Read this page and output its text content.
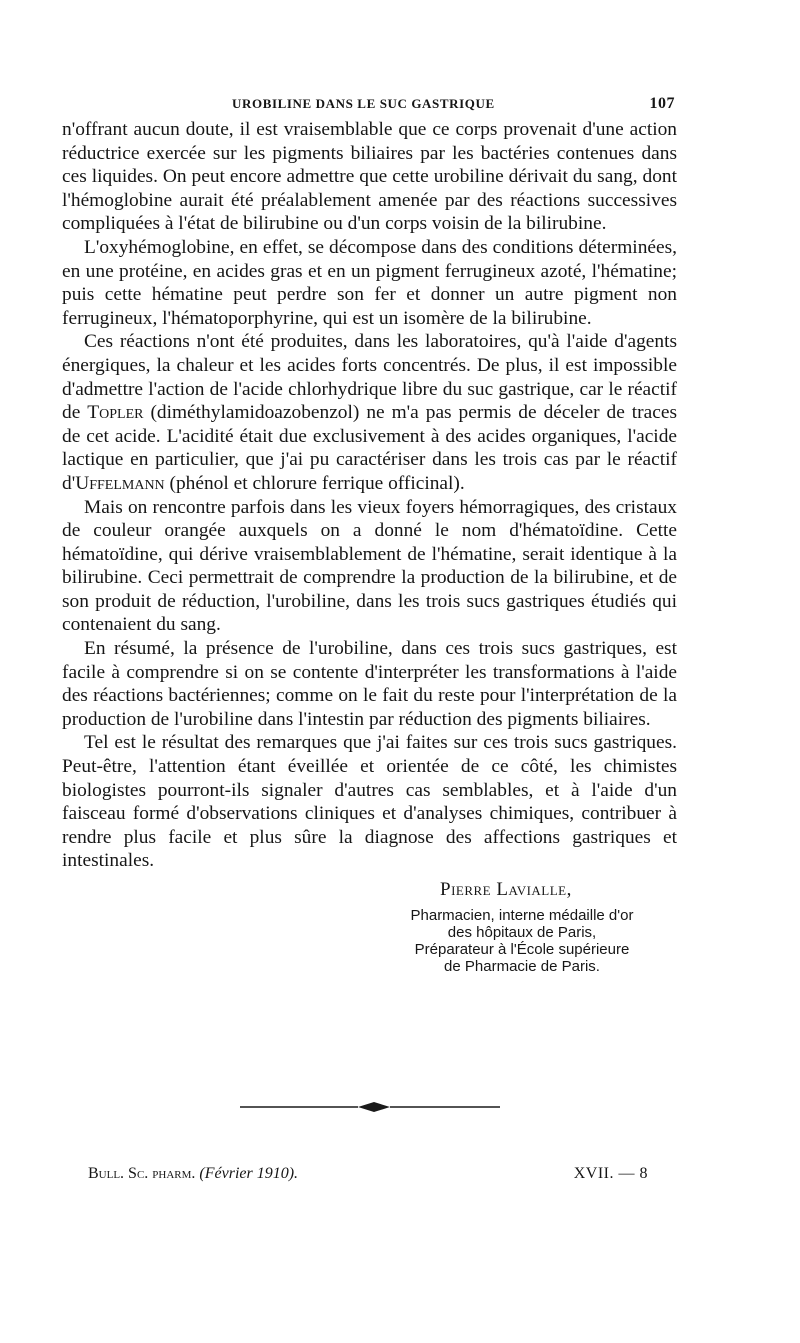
UROBILINE DANS LE SUC GASTRIQUE	107

n'offrant aucun doute, il est vraisemblable que ce corps provenait d'une action réductrice exercée sur les pigments biliaires par les bactéries contenues dans ces liquides. On peut encore admettre que cette urobiline dérivait du sang, dont l'hémoglobine aurait été préalablement amenée par des réactions successives compliquées à l'état de bilirubine ou d'un corps voisin de la bilirubine.

L'oxyhémoglobine, en effet, se décompose dans des conditions déterminées, en une protéine, en acides gras et en un pigment ferrugineux azoté, l'hématine; puis cette hématine peut perdre son fer et donner un autre pigment non ferrugineux, l'hématoporphyrine, qui est un isomère de la bilirubine.

Ces réactions n'ont été produites, dans les laboratoires, qu'à l'aide d'agents énergiques, la chaleur et les acides forts concentrés. De plus, il est impossible d'admettre l'action de l'acide chlorhydrique libre du suc gastrique, car le réactif de Topler (diméthylamidoazobenzol) ne m'a pas permis de déceler de traces de cet acide. L'acidité était due exclusivement à des acides organiques, l'acide lactique en particulier, que j'ai pu caractériser dans les trois cas par le réactif d'Uffelmann (phénol et chlorure ferrique officinal).

Mais on rencontre parfois dans les vieux foyers hémorragiques, des cristaux de couleur orangée auxquels on a donné le nom d'hématoïdine. Cette hématoïdine, qui dérive vraisemblablement de l'hématine, serait identique à la bilirubine. Ceci permettrait de comprendre la production de la bilirubine, et de son produit de réduction, l'urobiline, dans les trois sucs gastriques étudiés qui contenaient du sang.

En résumé, la présence de l'urobiline, dans ces trois sucs gastriques, est facile à comprendre si on se contente d'interpréter les transformations à l'aide des réactions bactériennes; comme on le fait du reste pour l'interprétation de la production de l'urobiline dans l'intestin par réduction des pigments biliaires.

Tel est le résultat des remarques que j'ai faites sur ces trois sucs gastriques. Peut-être, l'attention étant éveillée et orientée de ce côté, les chimistes biologistes pourront-ils signaler d'autres cas semblables, et à l'aide d'un faisceau formé d'observations cliniques et d'analyses chimiques, contribuer à rendre plus facile et plus sûre la diagnose des affections gastriques et intestinales.

Pierre Lavialle,
Pharmacien, interne médaille d'or
des hôpitaux de Paris,
Préparateur à l'École supérieure
de Pharmacie de Paris.
Bull. Sc. pharm. (Février 1910).	XVII. — 8
